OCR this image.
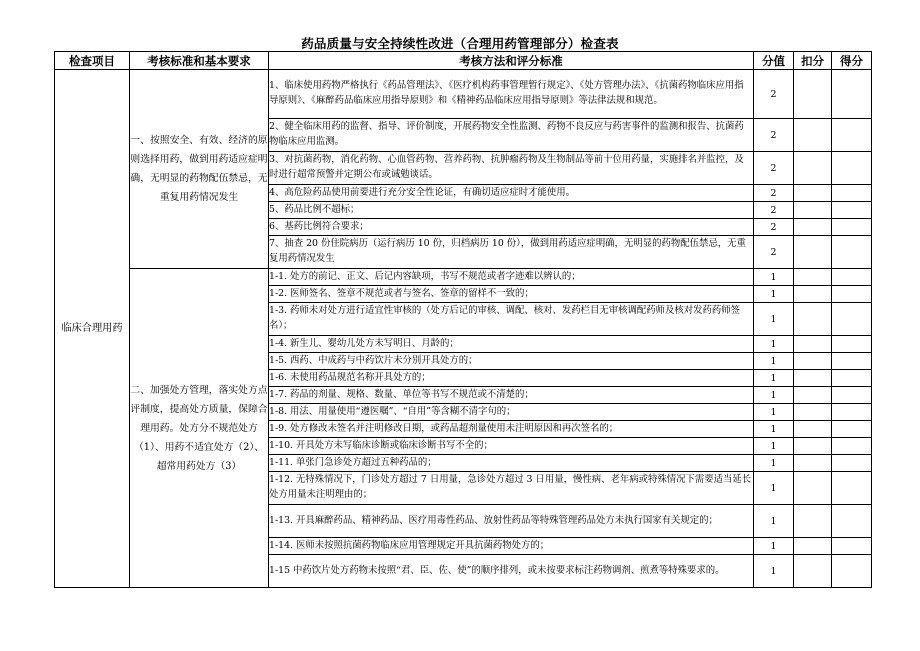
药品质量与安全持续性改进（合理用药管理部分）检查表
检查项目	考核标准和基本要求	考核方法和评分标准	分值	扣分	得分
临床合理用药	一、按照安全、有效、经济的原则选择用药，做到用药适应症明确，无明显的药物配伍禁忌，无重复用药情况发生	1、临床使用药物严格执行《药品管理法》、《医疗机构药事管理暂行规定》、《处方管理办法》、《抗菌药物临床应用指导原则》、《麻醉药品临床应用指导原则》和《精神药品临床应用指导原则》等法律法规和规范。	2		
		2、健全临床用药的监督、指导、评价制度，开展药物安全性监测、药物不良反应与药害事件的监测和报告、抗菌药物临床应用监测。	2		
		3、对抗菌药物，消化药物、心血管药物、营养药物、抗肿瘤药物及生物制品等前十位用药量，实施排名并监控，及时进行超常预警并定期公布或诫勉谈话。	2		
		4、高危险药品使用前要进行充分安全性论证，有确切适应症时才能使用。	2		
		5、药品比例不超标；	2		
		6、基药比例符合要求；	2		
		7、抽查 20 份住院病历（运行病历 10 份，归档病历 10 份），做到用药适应症明确，无明显的药物配伍禁忌，无重复用药情况发生	2		
	二、加强处方管理，落实处方点评制度，提高处方质量，保障合理用药。处方分不规范处方（1）、用药不适宜处方（2）、超常用药处方（3）	1-1. 处方的前记、正文、后记内容缺项，书写不规范或者字迹难以辨认的；	1		
		1-2. 医师签名、签章不规范或者与签名、签章的留样不一致的；	1		
		1-3. 药师未对处方进行适宜性审核的（处方后记的审核、调配、核对、发药栏目无审核调配药师及核对发药药师签名）；	1		
		1-4. 新生儿、婴幼儿处方未写明日、月龄的；	1		
		1-5. 西药、中成药与中药饮片未分别开具处方的；	1		
		1-6. 未使用药品规范名称开具处方的；	1		
		1-7. 药品的剂量、规格、数量、单位等书写不规范或不清楚的；	1		
		1-8. 用法、用量使用“遵医嘱”、“自用”等含糊不清字句的；	1		
		1-9. 处方修改未签名并注明修改日期，或药品超剂量使用未注明原因和再次签名的；	1		
		1-10. 开具处方未写临床诊断或临床诊断书写不全的；	1		
		1-11. 单张门急诊处方超过五种药品的；	1		
		1-12. 无特殊情况下，门诊处方超过 7 日用量，急诊处方超过 3 日用量，慢性病、老年病或特殊情况下需要适当延长处方用量未注明理由的；	1		
		1-13. 开具麻醉药品、精神药品、医疗用毒性药品、放射性药品等特殊管理药品处方未执行国家有关规定的；	1		
		1-14. 医师未按照抗菌药物临床应用管理规定开具抗菌药物处方的；	1		
		1-15 中药饮片处方药物未按照“君、臣、佐、使”的顺序排列，或未按要求标注药物调剂、煎煮等特殊要求的。	1		
